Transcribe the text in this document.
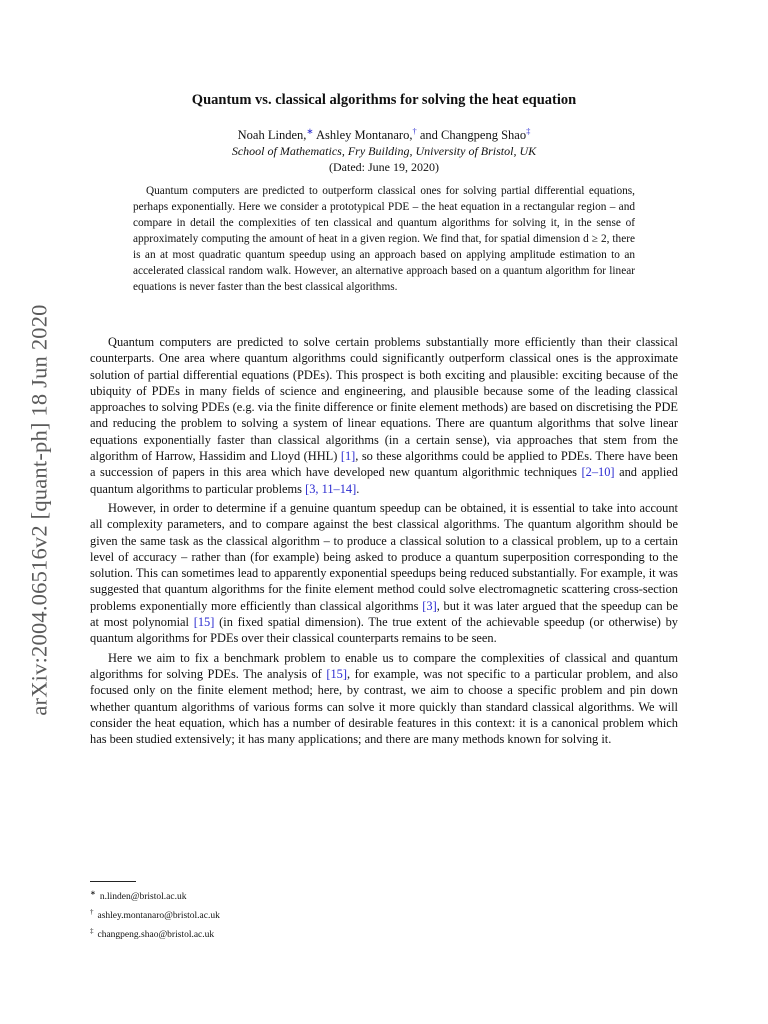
arXiv:2004.06516v2 [quant-ph] 18 Jun 2020
Quantum vs. classical algorithms for solving the heat equation
Noah Linden,∗ Ashley Montanaro,† and Changpeng Shao‡
School of Mathematics, Fry Building, University of Bristol, UK
(Dated: June 19, 2020)

Quantum computers are predicted to outperform classical ones for solving partial differential equations, perhaps exponentially. Here we consider a prototypical PDE – the heat equation in a rectangular region – and compare in detail the complexities of ten classical and quantum algorithms for solving it, in the sense of approximately computing the amount of heat in a given region. We find that, for spatial dimension d ≥ 2, there is an at most quadratic quantum speedup using an approach based on applying amplitude estimation to an accelerated classical random walk. However, an alternative approach based on a quantum algorithm for linear equations is never faster than the best classical algorithms.

Quantum computers are predicted to solve certain problems substantially more efficiently than their classical counterparts. One area where quantum algorithms could significantly outperform classical ones is the approximate solution of partial differential equations (PDEs). This prospect is both exciting and plausible: exciting because of the ubiquity of PDEs in many fields of science and engineering, and plausible because some of the leading classical approaches to solving PDEs (e.g. via the finite difference or finite element methods) are based on discretising the PDE and reducing the problem to solving a system of linear equations. There are quantum algorithms that solve linear equations exponentially faster than classical algorithms (in a certain sense), via approaches that stem from the algorithm of Harrow, Hassidim and Lloyd (HHL) [1], so these algorithms could be applied to PDEs. There have been a succession of papers in this area which have developed new quantum algorithmic techniques [2–10] and applied quantum algorithms to particular problems [3, 11–14].

However, in order to determine if a genuine quantum speedup can be obtained, it is essential to take into account all complexity parameters, and to compare against the best classical algorithms. The quantum algorithm should be given the same task as the classical algorithm – to produce a classical solution to a classical problem, up to a certain level of accuracy – rather than (for example) being asked to produce a quantum superposition corresponding to the solution. This can sometimes lead to apparently exponential speedups being reduced substantially. For example, it was suggested that quantum algorithms for the finite element method could solve electromagnetic scattering cross-section problems exponentially more efficiently than classical algorithms [3], but it was later argued that the speedup can be at most polynomial [15] (in fixed spatial dimension). The true extent of the achievable speedup (or otherwise) by quantum algorithms for PDEs over their classical counterparts remains to be seen.

Here we aim to fix a benchmark problem to enable us to compare the complexities of classical and quantum algorithms for solving PDEs. The analysis of [15], for example, was not specific to a particular problem, and also focused only on the finite element method; here, by contrast, we aim to choose a specific problem and pin down whether quantum algorithms of various forms can solve it more quickly than standard classical algorithms. We will consider the heat equation, which has a number of desirable features in this context: it is a canonical problem which has been studied extensively; it has many applications; and there are many methods known for solving it.

∗ n.linden@bristol.ac.uk
† ashley.montanaro@bristol.ac.uk
‡ changpeng.shao@bristol.ac.uk
